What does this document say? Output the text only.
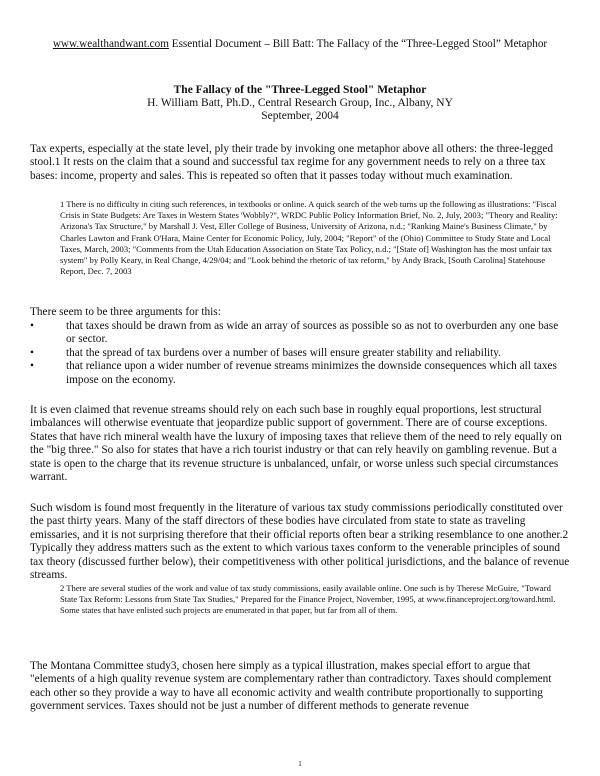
www.wealthandwant.com Essential Document – Bill Batt: The Fallacy of the “Three-Legged Stool” Metaphor
The Fallacy of the "Three-Legged Stool" Metaphor
H. William Batt, Ph.D., Central Research Group, Inc., Albany, NY
September, 2004

Tax experts, especially at the state level, ply their trade by invoking one metaphor above all others: the three-legged stool.1 It rests on the claim that a sound and successful tax regime for any government needs to rely on a three tax bases: income, property and sales. This is repeated so often that it passes today without much examination.

1 There is no difficulty in citing such references, in textbooks or online. A quick search of the web turns up the following as illustrations: "Fiscal Crisis in State Budgets: Are Taxes in Western States 'Wobbly?", WRDC Public Policy Information Brief, No. 2, July, 2003; "Theory and Reality: Arizona's Tax Structure," by Marshall J. Vest, Eller College of Business, University of Arizona, n.d.; "Ranking Maine's Business Climate," by Charles Lawton and Frank O'Hara, Maine Center for Economic Policy, July, 2004; "Report" of the (Ohio) Committee to Study State and Local Taxes, March, 2003; "Comments from the Utah Education Association on State Tax Policy, n.d.; "[State of] Washington has the most unfair tax system" by Polly Keary, in Real Change, 4/29/04; and "Look behind the rhetoric of tax reform," by Andy Brack, [South Carolina] Statehouse Report, Dec. 7, 2003

There seem to be three arguments for this:

•	that taxes should be drawn from as wide an array of sources as possible so as not to overburden any one base or sector.
•	that the spread of tax burdens over a number of bases will ensure greater stability and reliability.
•	that reliance upon a wider number of revenue streams minimizes the downside consequences which all taxes impose on the economy.

It is even claimed that revenue streams should rely on each such base in roughly equal proportions, lest structural imbalances will otherwise eventuate that jeopardize public support of government. There are of course exceptions. States that have rich mineral wealth have the luxury of imposing taxes that relieve them of the need to rely equally on the "big three." So also for states that have a rich tourist industry or that can rely heavily on gambling revenue. But a state is open to the charge that its revenue structure is unbalanced, unfair, or worse unless such special circumstances warrant.

Such wisdom is found most frequently in the literature of various tax study commissions periodically constituted over the past thirty years. Many of the staff directors of these bodies have circulated from state to state as traveling emissaries, and it is not surprising therefore that their official reports often bear a striking resemblance to one another.2 Typically they address matters such as the extent to which various taxes conform to the venerable principles of sound tax theory (discussed further below), their competitiveness with other political jurisdictions, and the balance of revenue streams.

2 There are several studies of the work and value of tax study commissions, easily available online. One such is by Therese McGuire, "Toward State Tax Reform: Lessons from State Tax Studies," Prepared for the Finance Project, November, 1995, at www.financeproject.org/toward.html. Some states that have enlisted such projects are enumerated in that paper, but far from all of them.

The Montana Committee study3, chosen here simply as a typical illustration, makes special effort to argue that "elements of a high quality revenue system are complementary rather than contradictory. Taxes should complement each other so they provide a way to have all economic activity and wealth contribute proportionally to supporting government services. Taxes should not be just a number of different methods to generate revenue

1
